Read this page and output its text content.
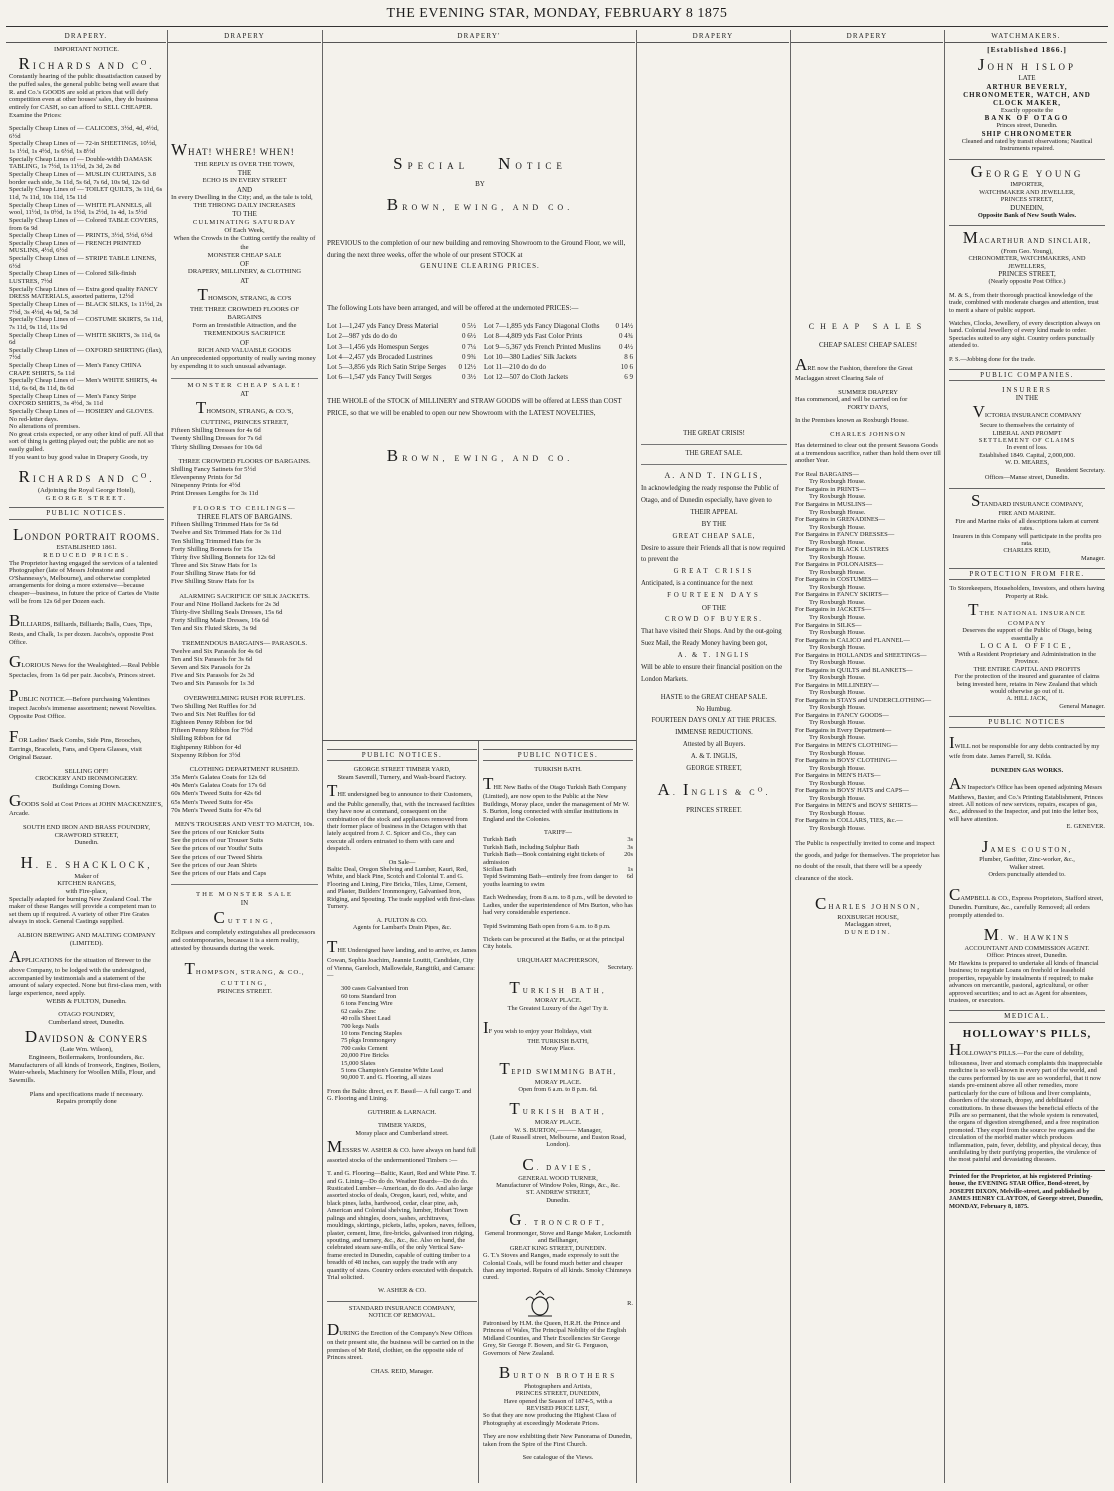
THE EVENING STAR, MONDAY, FEBRUARY 8 1875
DRAPERY.	DRAPERY	DRAPERY'	DRAPERY	DRAPERY	WATCHMAKERS.
IMPORTANT NOTICE.
RICHARDS AND $C^O$.
Constantly hearing of the public dissatisfaction caused by the puffed sales, the general public being well aware that R. and Co.'s GOODS are sold at prices that will defy competition even at other houses' sales, they do business entirely for CASH, so can afford to SELL CHEAPER. Examine the Prices:
Specially Cheap Lines of — CALICOES, 3½d, 4d, 4½d, 6½d
Specially Cheap Lines of — 72-in SHEETINGS, 10½d, 1s 1½d, 1s 4½d, 1s 6½d, 1s 8½d
Specially Cheap Lines of — Double-width DAMASK TABLING, 1s 7½d, 1s 11½d, 2s 3d, 2s 8d
Specially Cheap Lines of — MUSLIN CURTAINS, 3.8 border each side, 3s 11d, 5s 6d, 7s 6d, 10s 9d, 12s 6d
Specially Cheap Lines of — TOILET QUILTS, 3s 11d, 6s 11d, 7s 11d, 10s 11d, 15s 11d
Specially Cheap Lines of — WHITE FLANNELS, all wool, 11½d, 1s 0½d, 1s 1½d, 1s 2½d, 1s 4d, 1s 5½d
Specially Cheap Lines of — Colored TABLE COVERS, from 6s 9d
Specially Cheap Lines of — PRINTS, 3½d, 5½d, 6½d
Specially Cheap Lines of — FRENCH PRINTED MUSLINS, 4½d, 6½d
Specially Cheap Lines of — STRIPE TABLE LINENS, 6½d
Specially Cheap Lines of — Colored Silk-finish LUSTRES, 7½d
Specially Cheap Lines of — Extra good quality FANCY DRESS MATERIALS, assorted patterns, 12½d
Specially Cheap Lines of — BLACK SILKS, 1s 11½d, 2s 7½d, 3s 4½d, 4s 9d, 5s 3d
Specially Cheap Lines of — COSTUME SKIRTS, 5s 11d, 7s 11d, 9s 11d, 11s 9d
Specially Cheap Lines of — WHITE SKIRTS, 3s 11d, 6s 6d
Specially Cheap Lines of — OXFORD SHIRTING (flax), 7½d
Specially Cheap Lines of — Men's Fancy CHINA CRAPE SHIRTS, 5s 11d
Specially Cheap Lines of — Men's WHITE SHIRTS, 4s 11d, 6s 6d, 8s 11d, 8s 6d
Specially Cheap Lines of — Men's Fancy Stripe OXFORD SHIRTS, 3s 4½d, 3s 11d
Specially Cheap Lines of — HOSIERY and GLOVES.
No red-letter days.
No alterations of premises.
No great crisis expected, or any other kind of puff. All that sort of thing is getting played out; the public are not so easily gulled.
If you want to buy good value in Drapery Goods, try
RICHARDS AND $C^O$.
(Adjoining the Royal George Hotel),
GEORGE STREET.
PUBLIC NOTICES.
LONDON PORTRAIT ROOMS.
ESTABLISHED 1861.
REDUCED PRICES.
The Proprietor having engaged the services of a talented Photographer (late of Messrs Johnstone and O'Shannessy's, Melbourne), and otherwise completed arrangements for doing a more extensive—because cheaper—business, in future the price of Cartes de Visite will be from 12s 6d per Dozen each.
BILLIARDS, Billiards, Billiards; Balls, Cues, Tips, Rests, and Chalk, 1s per dozen. Jacobs's, opposite Post Office.
GLORIOUS News for the Wealsighted.—Real Pebble Spectacles, from 1s 6d per pair. Jacobs's, Princes street.
PUBLIC NOTICE.—Before purchasing Valentines inspect Jacobs's immense assortment; newest Novelties. Opposite Post Office.
FOR Ladies' Back Combs, Side Pins, Brooches, Earrings, Bracelets, Fans, and Opera Glasses, visit Original Bazaar.
SELLING OFF!
CROCKERY AND IRONMONGERY.
Buildings Coming Down.
GOODS Sold at Cost Prices at JOHN MACKENZIE'S, Arcade.
SOUTH END IRON AND BRASS FOUNDRY,
CRAWFORD STREET,
Dunedin.
H. E. SHACKLOCK,
Maker of
KITCHEN RANGES,
with Fire-place,
Specially adapted for burning New Zealand Coal. The maker of these Ranges will provide a competent man to set them up if required. A variety of other Fire Grates always in stock. General Castings supplied.
ALBION BREWING AND MALTING COMPANY (LIMITED).
APPLICATIONS for the situation of Brewer to the above Company, to be lodged with the undersigned, accompanied by testimonials and a statement of the amount of salary expected. None but first-class men, with large experience, need apply.
WEBB & FULTON, Dunedin.
OTAGO FOUNDRY,
Cumberland street, Dunedin.
DAVIDSON & CONYERS
(Late Wm. Wilson),
Engineers, Boilermakers, Ironfounders, &c.
Manufacturers of all kinds of Ironwork, Engines, Boilers, Water-wheels, Machinery for Woollen Mills, Flour, and Sawmills.
Plans and specifications made if necessary.
Repairs promptly done
WHAT! WHERE! WHEN!
THE REPLY IS OVER THE TOWN,
THE
ECHO IS IN EVERY STREET
AND
In every Dwelling in the City; and, as the tale is told,
THE THRONG DAILY INCREASES
TO THE
CULMINATING SATURDAY
Of Each Week,
When the Crowds in the Cutting certify the reality of the
MONSTER CHEAP SALE
OF
DRAPERY, MILLINERY, & CLOTHING
AT
THOMSON, STRANG, & CO'S
THE THREE CROWDED FLOORS OF
BARGAINS
Form an Irresistible Attraction, and the
TREMENDOUS SACRIFICE
OF
RICH AND VALUABLE GOODS
An unprecedented opportunity of really saving money by expending it to such unusual advantage.
MONSTER CHEAP SALE!
AT
THOMSON, STRANG, & CO.'S,
CUTTING, PRINCES STREET,
Fifteen Shilling Dresses for 4s 6d
Twenty Shilling Dresses for 7s 6d
Thirty Shilling Dresses for 10s 6d
THREE CROWDED FLOORS OF BARGAINS.
Shilling Fancy Satinets for 5½d
Elevenpenny Prints for 5d
Ninepenny Prints for 4½d
Print Dresses Lengths for 3s 11d
FLOORS TO CEILINGS—
THREE FLATS OF BARGAINS.
Fifteen Shilling Trimmed Hats for 5s 6d
Twelve and Six Trimmed Hats for 3s 11d
Ten Shilling Trimmed Hats for 3s
Forty Shilling Bonnets for 15s
Thirty five Shilling Bonnets for 12s 6d
Three and Six Straw Hats for 1s
Four Shilling Straw Hats for 6d
Five Shilling Straw Hats for 1s
ALARMING SACRIFICE OF SILK JACKETS.
Four and Nine Holland Jackets for 2s 3d
Thirty-five Shilling Seals Dresses, 15s 6d
Forty Shilling Made Dresses, 16s 6d
Ten and Six Fluted Skirts, 3s 9d
TREMENDOUS BARGAINS— PARASOLS.
Twelve and Six Parasols for 4s 6d
Ten and Six Parasols for 3s 6d
Seven and Six Parasols for 2s
Five and Six Parasols for 2s 3d
Two and Six Parasols for 1s 3d
OVERWHELMING RUSH FOR RUFFLES.
Two Shilling Net Ruffles for 3d
Two and Six Net Ruffles for 6d
Eighteen Penny Ribbon for 9d
Fifteen Penny Ribbon for 7½d
Shilling Ribbon for 6d
Eightpenny Ribbon for 4d
Sixpenny Ribbon for 3½d
CLOTHING DEPARTMENT RUSHED.
35s Men's Galatea Coats for 12s 6d
40s Men's Galatea Coats for 17s 6d
60s Men's Tweed Suits for 42s 6d
65s Men's Tweed Suits for 45s
70s Men's Tweed Suits for 47s 6d
MEN'S TROUSERS AND VEST TO MATCH, 10s.
See the prices of our Knicker Suits
See the prices of our Trouser Suits
See the prices of our Youths' Suits
See the prices of our Tweed Shirts
See the prices of our Jean Shirts
See the prices of our Hats and Caps
THE MONSTER SALE
IN
CUTTING,
Eclipses and completely extinguishes all predecessors and contemporaries, because it is a stern reality, attested by thousands during the week.
THOMPSON, STRANG, & CO.,
CUTTING,
PRINCES STREET.
SPECIAL NOTICE
BY
BROWN, EWING, AND CO.
PREVIOUS to the completion of our new building and removing Showroom to the Ground Floor, we will, during the next three weeks, offer the whole of our present STOCK at
GENUINE CLEARING PRICES.
The following Lots have been arranged, and will be offered at the undernoted PRICES:—
Lot 1—1,247 yds Fancy Dress Material	0 5½
Lot 2—987 yds do do do	0 6½
Lot 3—1,456 yds Homespun Serges	0 7¼
Lot 4—2,457 yds Brocaded Lustrines	0 9¾
Lot 5—3,856 yds Rich Satin Stripe Serges 0 12½
Lot 6—1,547 yds Fancy Twill Serges	0 3½
Lot 7—1,895 yds Fancy Diagonal Cloths 0 14½
Lot 8—4,809 yds Fast Color Prints	0 4¾
Lot 9—5,367 yds French Printed Muslins	0 4½
Lot 10—380 Ladies' Silk Jackets	8 6
Lot 11—210 do do do	10 6
Lot 12—507 do Cloth Jackets	6 9
THE WHOLE of the STOCK of MILLINERY and STRAW GOODS will be offered at LESS than COST PRICE, so that we will be enabled to open our new Showroom with the LATEST NOVELTIES,
BROWN, EWING, AND CO.
PUBLIC NOTICES.
GEORGE STREET TIMBER YARD,
Steam Sawmill, Turnery, and Wash-board Factory.
THE undersigned beg to announce to their Customers, and the Public generally, that, with the increased facilities they have now at command, consequent on the combination of the stock and appliances removed from their former place of business in the Octagon with that lately acquired from J. C. Spicer and Co., they can execute all orders entrusted to them with care and despatch.
On Sale—
Baltic Deal, Oregon Shelving and Lumber, Kauri, Red, White, and black Pine, Scotch and Colonial T. and G. Flooring and Lining, Fire Bricks, Tiles, Lime, Cement, and Plaster, Builders' Ironmongery, Galvanised Iron, Ridging, and Spouting. The trade supplied with first-class Turnery.
A. FULTON & CO.
Agents for Lambart's Drain Pipes, &c.
THE Undersigned have landing, and to arrive, ex James Cowan, Sophia Joachim, Jeannie Louttit, Candidate, City of Vienna, Gareloch, Mallowdale, Rangitiki, and Camara:—
300 cases Galvanised Iron
60 tons Standard Iron
6 tons Fencing Wire
62 casks Zinc
40 rolls Sheet Lead
700 kegs Nails
10 tons Fencing Staples
75 pkgs Ironmongery
700 casks Cement
20,000 Fire Bricks
15,000 Slates
5 tons Champion's Genuine White Lead
90,000 T. and G. Flooring, all sizes
From the Baltic direct, ex F. Bassil— A full cargo T. and G. Flooring and Lining.
GUTHRIE & LARNACH.
TIMBER YARDS,
Moray place and Cumberland street.
MESSRS W. ASHER & CO. have always on hand full assorted stocks of the undermentioned Timbers :—
T. and G. Flooring—Baltic, Kauri, Red and White Pine. T. and G. Lining—Do do do. Weather Boards—Do do do. Rusticated Lumber—American, do do do. And also large assorted stocks of deals, Oregon, kauri, red, white, and black pines, laths, hardwood, cedar, clear pine, ash, American and Colonial shelving, lumber, Hobart Town palings and shingles, doors, sashes, architraves, mouldings, skirtings, pickets, laths, spokes, naves, felloes, plaster, cement, lime, fire-bricks, galvanised iron ridging, spouting, and turnery, &c., &c., &c. Also on hand, the celebrated steam saw-mills, of the only Vertical Saw-frame erected in Dunedin, capable of cutting timber to a breadth of 48 inches, can supply the trade with any quantity of sizes. Country orders executed with despatch. Trial solicited.
W. ASHER & CO.
STANDARD INSURANCE COMPANY,
NOTICE OF REMOVAL.
DURING the Erection of the Company's New Offices on their present site, the business will be carried on in the premises of Mr Reid, clothier, on the opposite side of Princes street.
CHAS. REID, Manager.
PUBLIC NOTICES.
TURKISH BATH.
THE New Baths of the Otago Turkish Bath Company (Limited), are now open to the Public at the New Buildings, Moray place, under the management of Mr W. S. Burton, long connected with similar institutions in England and the Colonies.
TARIFF—
Turkish Bath	3s
Turkish Bath, including Sulphur Bath	3s
Turkish Bath—Book containing eight tickets of admission
20s
Sicilian Bath	1s
Tepid Swimming Bath—entirely free from danger to youths learning to swim
6d
Each Wednesday, from 8 a.m. to 8 p.m., will be devoted to Ladies, under the superintendence of Mrs Burton, who has had very considerable experience.
Tepid Swimming Bath open from 6 a.m. to 8 p.m.
Tickets can be procured at the Baths, or at the principal City hotels.
URQUHART MACPHERSON,
Secretary.
TURKISH BATH,
MORAY PLACE.
The Greatest Luxury of the Age! Try it.
IF you wish to enjoy your Holidays, visit
THE TURKISH BATH,
Moray Place.
TEPID SWIMMING BATH,
MORAY PLACE.
Open from 6 a.m. to 8 p.m. 6d.
TURKISH BATH,
MORAY PLACE.
W. S. BURTON,——— Manager,
(Late of Russell street, Melbourne, and Euston Road, London).
C. DAVIES,
GENERAL WOOD TURNER,
Manufacturer of Window Poles, Rings, &c., &c.
ST. ANDREW STREET,
Dunedin.
G. TRONCROFT,
General Ironmonger, Stove and Range Maker, Locksmith and Bellhanger,
GREAT KING STREET, DUNEDIN.
G. T.'s Stoves and Ranges, made expressly to suit the Colonial Coals, will be found much better and cheaper than any imported. Repairs of all kinds. Smoky Chimneys cured.
R.
Patronised by H.M. the Queen, H.R.H. the Prince and Princess of Wales, The Principal Nobility of the English Midland Counties, and Their Excellencies Sir George Grey, Sir George F. Bowen, and Sir G. Ferguson, Governors of New Zealand.
BURTON BROTHERS
Photographers and Artists,
PRINCES STREET, DUNEDIN,
Have opened the Season of 1874-5, with a
REVISED PRICE LIST,
So that they are now producing the Highest Class of Photography at exceedingly Moderate Prices.
They are now exhibiting their New Panorama of Dunedin, taken from the Spire of the First Church.
See catalogue of the Views.
THE GREAT CRISIS!
THE GREAT SALE.
A. AND T. INGLIS,
In acknowledging the ready response the Public of Otago, and of Dunedin especially, have given to
THEIR APPEAL
BY THE
GREAT CHEAP SALE,
Desire to assure their Friends all that is now required to prevent the
GREAT CRISIS
Anticipated, is a continuance for the next
FOURTEEN DAYS
OF THE
CROWD OF BUYERS.
That have visited their Shops. And by the out-going Suez Mail, the Ready Money having been got,
A. & T. INGLIS
Will be able to ensure their financial position on the London Markets.
HASTE to the GREAT CHEAP SALE.
No Humbug.
FOURTEEN DAYS ONLY AT THE PRICES.
IMMENSE REDUCTIONS.
Attested by all Buyers.
A. & T. INGLIS,
GEORGE STREET,
A. INGLIS & $C^O$.
PRINCES STREET.
CHEAP SALES
CHEAP SALES! CHEAP SALES!
ARE now the Fashion, therefore the Great Maclaggan street Clearing Sale of
SUMMER DRAPERY
Has commenced, and will be carried on for
FORTY DAYS,
In the Premises known as Roxburgh House.
CHARLES JOHNSON
Has determined to clear out the present Seasons Goods at a tremendous sacrifice, rather than hold them over till another Year.
For Real BARGAINS—
Try Roxburgh House.
For Bargains in PRINTS—
Try Roxburgh House.
For Bargains in MUSLINS—
Try Roxburgh House.
For Bargains in GRENADINES—
Try Roxburgh House.
For Bargains in FANCY DRESSES—
Try Roxburgh House.
For Bargains in BLACK LUSTRES
Try Roxburgh House.
For Bargains in POLONAISES—
Try Roxburgh House.
For Bargains in COSTUMES—
Try Roxburgh House.
For Bargains in FANCY SKIRTS—
Try Roxburgh House.
For Bargains in JACKETS—
Try Roxburgh House.
For Bargains in SILKS—
Try Roxburgh House.
For Bargains in CALICO and FLANNEL—
Try Roxburgh House.
For Bargains in HOLLANDS and SHEETINGS—
Try Roxburgh House.
For Bargains in QUILTS and BLANKETS—
Try Roxburgh House.
For Bargains in MILLINERY—
Try Roxburgh House.
For Bargains in STAYS and UNDERCLOTHING—
Try Roxburgh House.
For Bargains in FANCY GOODS—
Try Roxburgh House.
For Bargains in Every Department—
Try Roxburgh House.
For Bargains in MEN'S CLOTHING—
Try Roxburgh House.
For Bargains in BOYS' CLOTHING—
Try Roxburgh House.
For Bargains in MEN'S HATS—
Try Roxburgh House.
For Bargains in BOYS' HATS and CAPS—
Try Roxburgh House.
For Bargains in MEN'S and BOYS' SHIRTS—
Try Roxburgh House.
For Bargains in COLLARS, TIES, &c.—
Try Roxburgh House.
The Public is respectfully invited to come and inspect the goods, and judge for themselves. The proprietor has no doubt of the result, that there will be a speedy clearance of the stock.
CHARLES JOHNSON,
ROXBURGH HOUSE,
Maclaggan street,
DUNEDIN.
[Established 1866.]
JOHN H ISLOP
LATE
ARTHUR BEVERLY,
CHRONOMETER, WATCH, AND CLOCK MAKER,
Exactly opposite the
BANK OF OTAGO
Princes street, Dunedin.
SHIP CHRONOMETER
Cleaned and rated by transit observations; Nautical Instruments repaired.
GEORGE YOUNG
IMPORTER,
WATCHMAKER AND JEWELLER,
PRINCES STREET,
DUNEDIN,
Opposite Bank of New South Wales.
MACARTHUR AND SINCLAIR,
(From Geo. Young),
CHRONOMETER, WATCHMAKERS, AND JEWELLERS,
PRINCES STREET,
(Nearly opposite Post Office.)
M. & S., from their thorough practical knowledge of the trade, combined with moderate charges and attention, trust to merit a share of public support.
Watches, Clocks, Jewellery, of every description always on hand. Colonial Jewellery of every kind made to order. Spectacles suited to any sight. Country orders punctually attended to.
P. S.—Jobbing done for the trade.
PUBLIC COMPANIES.
INSURERS
IN THE
VICTORIA INSURANCE COMPANY
Secure to themselves the certainty of
LIBERAL AND PROMPT
SETTLEMENT OF CLAIMS
In event of loss.
Established 1849. Capital, 2,000,000.
W. D. MEARES,
Resident Secretary.
Offices—Manse street, Dunedin.
STANDARD INSURANCE COMPANY,
FIRE AND MARINE.
Fire and Marine risks of all descriptions taken at current rates.
Insurers in this Company will participate in the profits pro rata.
CHARLES REID,
Manager.
PROTECTION FROM FIRE.
To Storekeepers, Householders, Investors, and others having Property at Risk.
TTHE NATIONAL INSURANCE COMPANY
Deserves the support of the Public of Otago, being essentially a
LOCAL OFFICE,
With a Resident Proprietary and Administration in the Province.
THE ENTIRE CAPITAL AND PROFITS
For the protection of the insured and guarantee of claims being invested here, retains in New Zealand that which would otherwise go out of it.
A. HILL JACK,
General Manager.
PUBLIC NOTICES
IWILL not be responsible for any debts contracted by my wife from date. James Farrell, St. Kilda.
DUNEDIN GAS WORKS.
AN Inspector's Office has been opened adjoining Messrs Matthews, Baxter, and Co.'s Printing Establishment, Princes street. All notices of new services, repairs, escapes of gas, &c., addressed to the Inspector, and put into the letter box, will have attention.
E. GENEVER.
JAMES COUSTON,
Plumber, Gasfitter, Zinc-worker, &c.,
Walker street.
Orders punctually attended to.
CAMPBELL & CO., Express Proprietors, Stafford street, Dunedin. Furniture, &c., carefully Removed; all orders promptly attended to.
M. W. HAWKINS
ACCOUNTANT AND COMMISSION AGENT.
Office: Princes street, Dunedin.
Mr Hawkins is prepared to undertake all kinds of financial business; to negotiate Loans on freehold or leasehold properties, repayable by instalments if required; to make advances on mercantile, pastoral, agricultural, or other approved securities; and to act as Agent for absentees, trustees, or executors.
MEDICAL.
HOLLOWAY'S PILLS,
HOLLOWAY'S PILLS.—For the cure of debility, biliousness, liver and stomach complaints this inappreciable medicine is so well-known in every part of the world, and the cures performed by its use are so wonderful, that it now stands pre-eminent above all other remedies, more particularly for the cure of bilious and liver complaints, disorders of the stomach, dropsy, and debilitated constitutions. In these diseases the beneficial effects of the Pills are so permanent, that the whole system is renovated, the organs of digestion strengthened, and a free respiration promoted. They expel from the source ive organs and the circulation of the morbid matter which produces inflammation, pain, fever, debility, and physical decay, thus annihilating by their purifying properties, the virulence of the most painful and devastating diseases.
Printed for the Proprietor, at his registered Printing-house, the EVENING STAR Office, Bond-street, by JOSEPH DIXON, Melville-street, and published by JAMES HENRY CLAYTON, of George street, Dunedin, MONDAY, February 8, 1875.
